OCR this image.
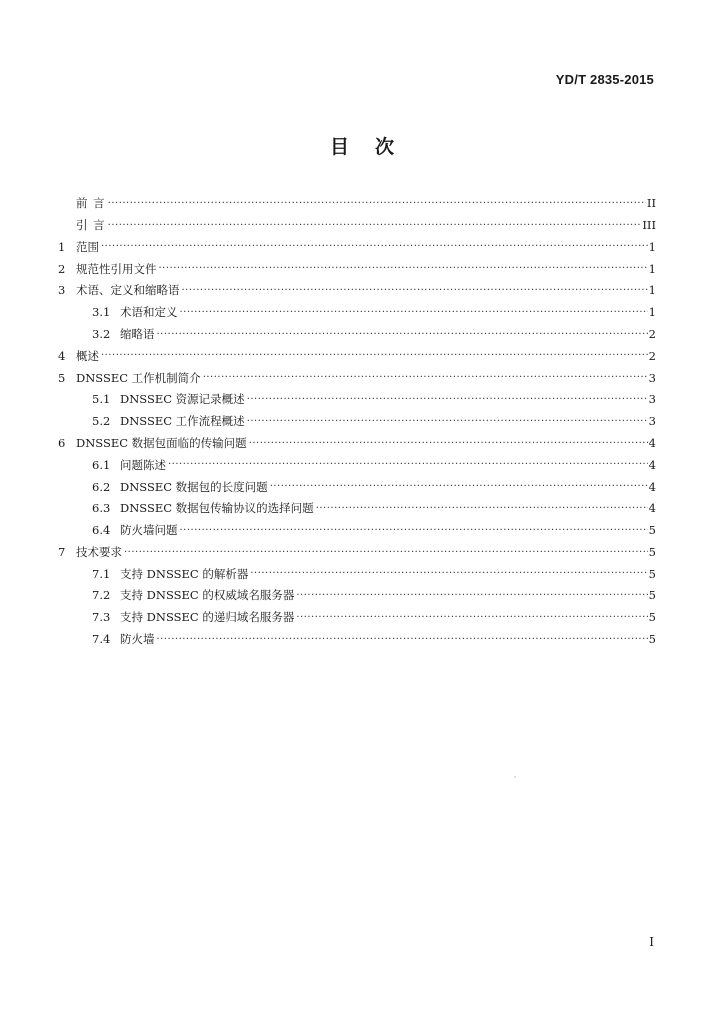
YD/T 2835-2015
目次
前 言 ·····	II
引 言 ·····	III
1 范围 ·····	1
2 规范性引用文件 ·····	1
3 术语、定义和缩略语 ·····	1
3.1 术语和定义 ·····	1
3.2 缩略语 ·····	2
4 概述 ·····	2
5 DNSSEC 工作机制简介 ·····	3
5.1 DNSSEC 资源记录概述 ·····	3
5.2 DNSSEC 工作流程概述 ·····	3
6 DNSSEC 数据包面临的传输问题 ·····	4
6.1 问题陈述 ·····	4
6.2 DNSSEC 数据包的长度问题 ·····	4
6.3 DNSSEC 数据包传输协议的选择问题 ·····	4
6.4 防火墙问题 ·····	5
7 技术要求 ·····	5
7.1 支持 DNSSEC 的解析器 ·····	5
7.2 支持 DNSSEC 的权威域名服务器 ·····	5
7.3 支持 DNSSEC 的递归域名服务器 ·····	5
7.4 防火墙 ·····	5
I
